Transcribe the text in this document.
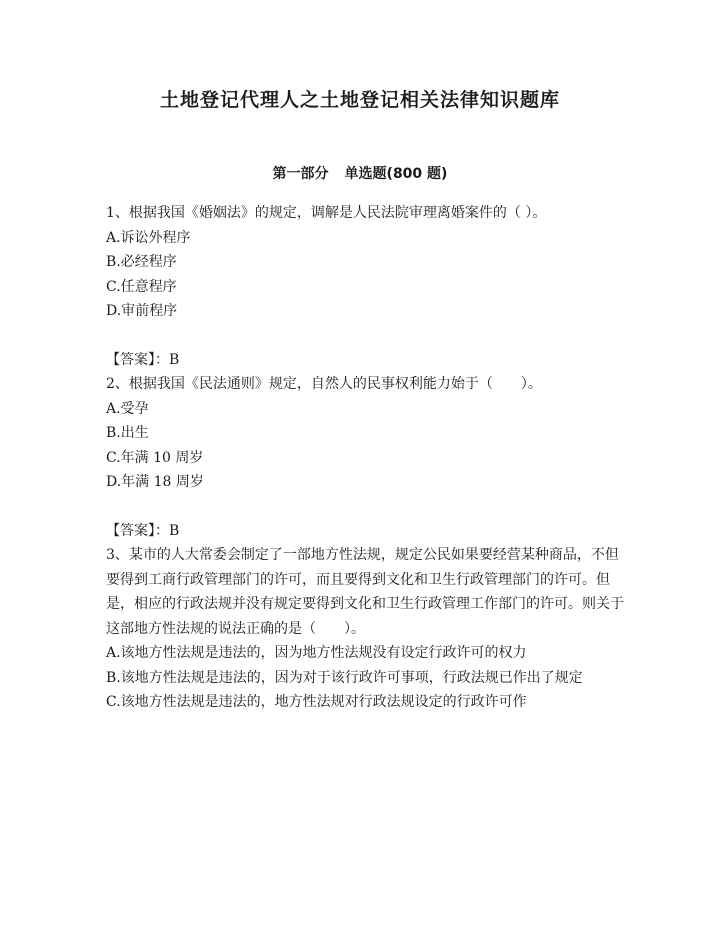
土地登记代理人之土地登记相关法律知识题库
第一部分 单选题(800 题)

1、根据我国《婚姻法》的规定，调解是人民法院审理离婚案件的（ ）。

A.诉讼外程序

B.必经程序

C.任意程序

D.审前程序

【答案】：B

2、根据我国《民法通则》规定，自然人的民事权利能力始于（　　）。

A.受孕

B.出生

C.年满 10 周岁

D.年满 18 周岁

【答案】：B

3、某市的人大常委会制定了一部地方性法规，规定公民如果要经营某种商品，不但要得到工商行政管理部门的许可，而且要得到文化和卫生行政管理部门的许可。但是，相应的行政法规并没有规定要得到文化和卫生行政管理工作部门的许可。则关于这部地方性法规的说法正确的是（　　）。

A.该地方性法规是违法的，因为地方性法规没有设定行政许可的权力

B.该地方性法规是违法的，因为对于该行政许可事项，行政法规已作出了规定

C.该地方性法规是违法的，地方性法规对行政法规设定的行政许可作
